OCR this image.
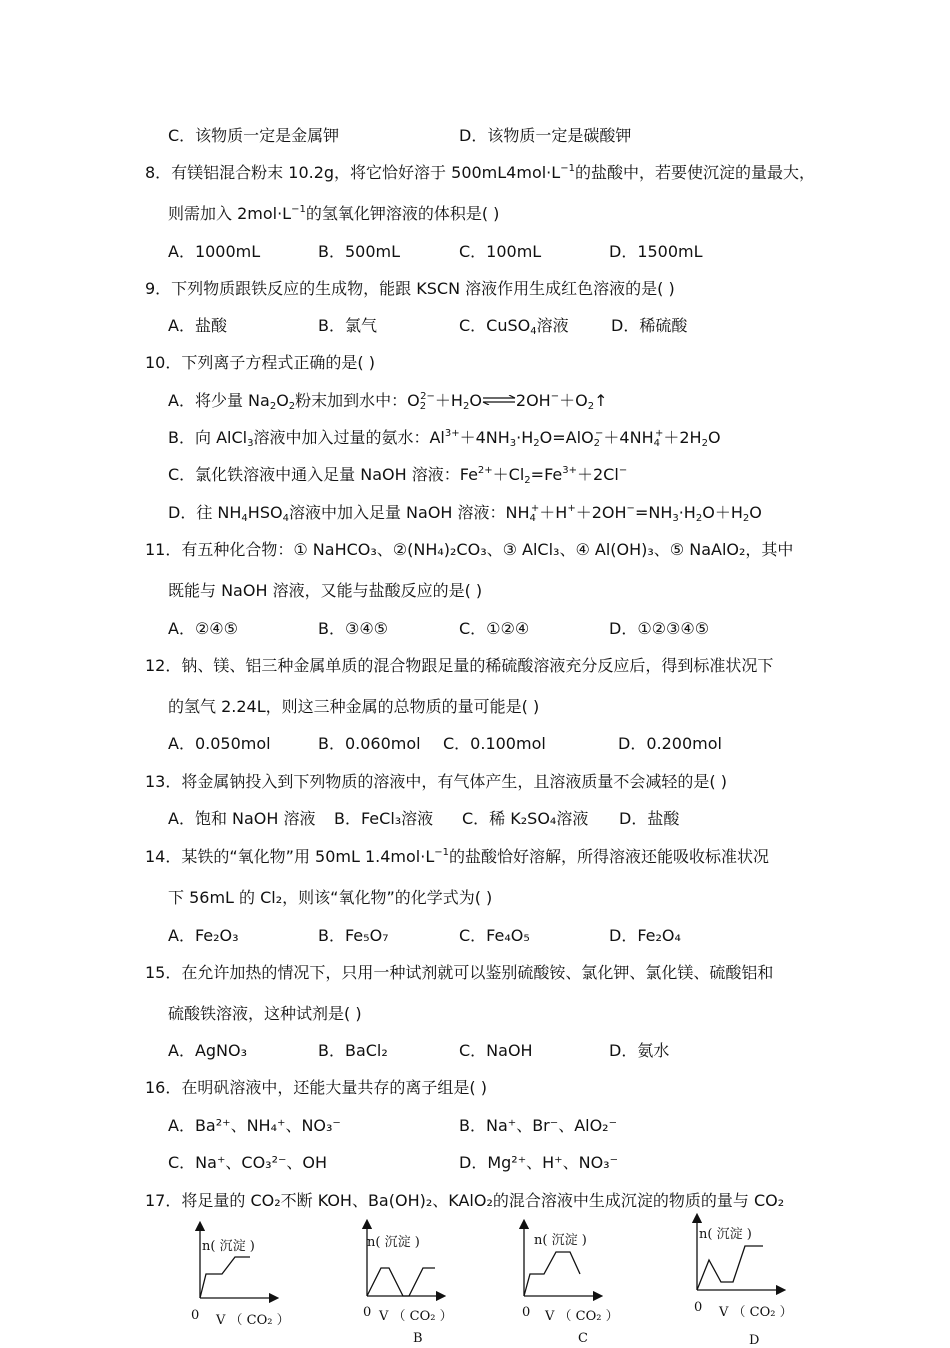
C．该物质一定是金属钾	D．该物质一定是碳酸钾
8．有镁铝混合粉末 10.2g，将它恰好溶于 $500mL4mol\cdot L^{-1}$的盐酸中，若要使沉淀的量最大，
则需加入 $2mol\cdot L^{-1}$的氢氧化钾溶液的体积是( )
A．1000mL	B．500mL	C．100mL	D．1500mL
9．下列物质跟铁反应的生成物，能跟 KSCN 溶液作用生成红色溶液的是( )
A．盐酸	B．氯气	C．CuSO$_4$溶液	D．稀硫酸
10．下列离子方程式正确的是( )
A．将少量 $Na_2O_2$粉末加到水中：$O_2^{2-}+H_2O\rightleftharpoons 2OH^-+O_2↑$
B．向 AlCl$_3$溶液中加入过量的氨水：$Al^{3+}+4NH_3\cdot H_2O=AlO_2^-+4NH_4^++2H_2O$
C．氯化铁溶液中通入足量 NaOH 溶液：$Fe^{2+}+Cl_2=Fe^{3+}+2Cl^-$
D．往 $NH_4HSO_4$溶液中加入足量 NaOH 溶液：$NH_4^++H^++2OH^-=NH_3\cdot H_2O+H_2O$
11．有五种化合物：① NaHCO₃、②(NH₄)₂CO₃、③ AlCl₃、④ Al(OH)₃、⑤ NaAlO₂，其中
既能与 NaOH 溶液，又能与盐酸反应的是( )
A．②④⑤	B．③④⑤	C．①②④	D．①②③④⑤
12．钠、镁、铝三种金属单质的混合物跟足量的稀硫酸溶液充分反应后，得到标准状况下
的氢气 2.24L，则这三种金属的总物质的量可能是( )
A．0.050mol	B．0.060mol C．0.100mol	D．0.200mol
13．将金属钠投入到下列物质的溶液中，有气体产生，且溶液质量不会减轻的是( )
A．饱和 NaOH 溶液 B．FeCl₃溶液 C．稀 K₂SO₄溶液 D．盐酸
14．某铁的“氧化物”用 50mL $1.4mol\cdot L^{-1}$的盐酸恰好溶解，所得溶液还能吸收标准状况
下 56mL 的 Cl₂，则该“氧化物”的化学式为( )
A．Fe₂O₃	B．Fe₅O₇	C．Fe₄O₅	D．Fe₂O₄
15．在允许加热的情况下，只用一种试剂就可以鉴别硫酸铵、氯化钾、氯化镁、硫酸铝和
硫酸铁溶液，这种试剂是( )
A．AgNO₃	B．BaCl₂	C．NaOH	D．氨水
16．在明矾溶液中，还能大量共存的离子组是( )
A．Ba²⁺、NH₄⁺、NO₃⁻	B．Na⁺、Br⁻、AlO₂⁻
C．Na⁺、CO₃²⁻、OH	D．Mg²⁺、H⁺、NO₃⁻
17．将足量的 CO₂不断 KOH、Ba(OH)₂、KAlO₂的混合溶液中生成沉淀的物质的量与 CO₂
n( 沉淀 )
0 V （ CO₂ ）
n( 沉淀 )
0 V （ CO₂ ）
B
n( 沉淀 )
0 V （ CO₂ ）
C
n( 沉淀 )
0 V （ CO₂ ）
D
